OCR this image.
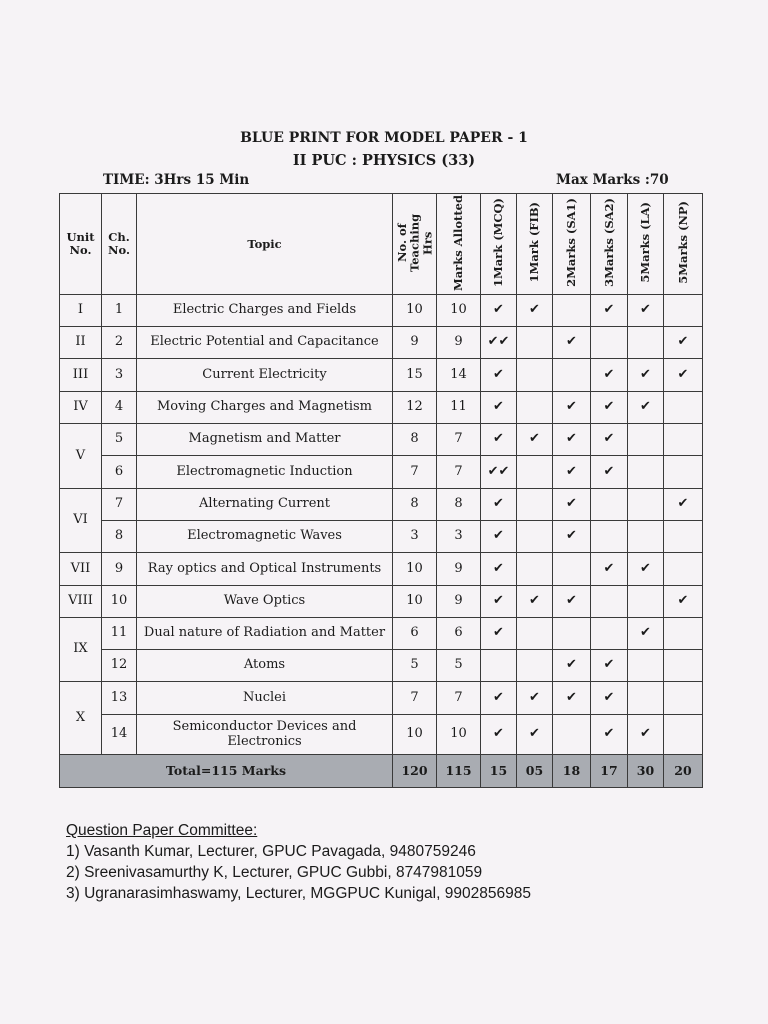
BLUE PRINT FOR MODEL PAPER - 1
II PUC : PHYSICS (33)
TIME: 3Hrs 15 Min	Max Marks :70
Unit No.	Ch. No.	Topic	No. of Teaching Hrs	Marks Allotted	1Mark (MCQ)	1Mark (FIB)	2Marks (SA1)	3Marks (SA2)	5Marks (LA)	5Marks (NP)
I	1	Electric Charges and Fields	10	10	✔	✔		✔	✔	
II	2	Electric Potential and Capacitance	9	9	✔✔		✔			✔
III	3	Current Electricity	15	14	✔			✔	✔	✔
IV	4	Moving Charges and Magnetism	12	11	✔		✔	✔	✔	
V	5	Magnetism and Matter	8	7	✔	✔	✔	✔		
	6	Electromagnetic Induction	7	7	✔✔		✔	✔		
VI	7	Alternating Current	8	8	✔		✔			✔
	8	Electromagnetic Waves	3	3	✔		✔			
VII	9	Ray optics and Optical Instruments	10	9	✔			✔	✔	
VIII	10	Wave Optics	10	9	✔	✔	✔			✔
IX	11	Dual nature of Radiation and Matter	6	6	✔				✔	
	12	Atoms	5	5			✔	✔		
X	13	Nuclei	7	7	✔	✔	✔	✔		
	14	Semiconductor Devices and Electronics	10	10	✔	✔		✔	✔	
Total=115 Marks			120	115	15	05	18	17	30	20
Question Paper Committee:
1) Vasanth Kumar, Lecturer, GPUC Pavagada, 9480759246
2) Sreenivasamurthy K, Lecturer, GPUC Gubbi, 8747981059
3) Ugranarasimhaswamy, Lecturer, MGGPUC Kunigal, 9902856985
